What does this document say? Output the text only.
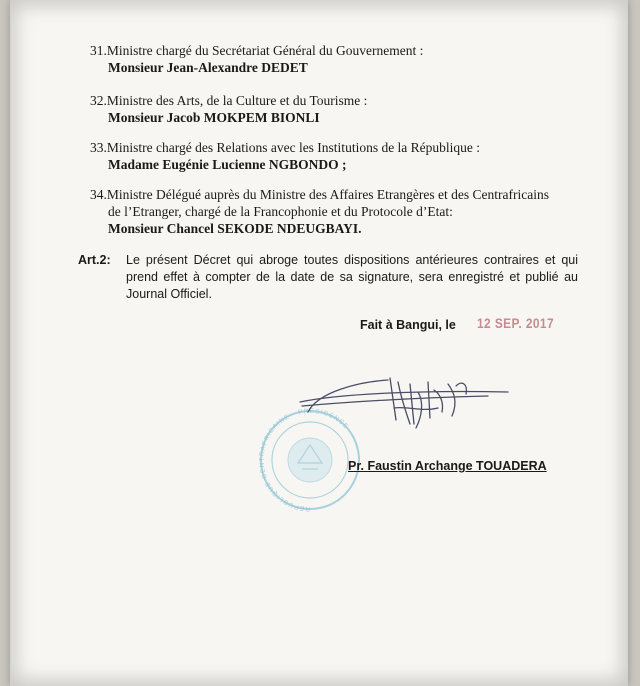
31.Ministre chargé du Secrétariat Général du Gouvernement :
Monsieur Jean-Alexandre DEDET
32.Ministre des Arts, de la Culture et du Tourisme :
Monsieur Jacob MOKPEM BIONLI
33.Ministre chargé des Relations avec les Institutions de la République :
Madame Eugénie Lucienne NGBONDO ;
34.Ministre Délégué auprès du Ministre des Affaires Etrangères et des Centrafricains
de l’Etranger, chargé de la Francophonie et du Protocole d’Etat:
Monsieur Chancel SEKODE NDEUGBAYI.
Art.2: Le présent Décret qui abroge toutes dispositions antérieures contraires et qui prend effet à compter de la date de sa signature, sera enregistré et publié au Journal Officiel.
Fait à Bangui, le 12 SEP. 2017
REPUBLIQUE CENTRAFRICAINE · PRESIDENCE ·
Pr. Faustin Archange TOUADERA
